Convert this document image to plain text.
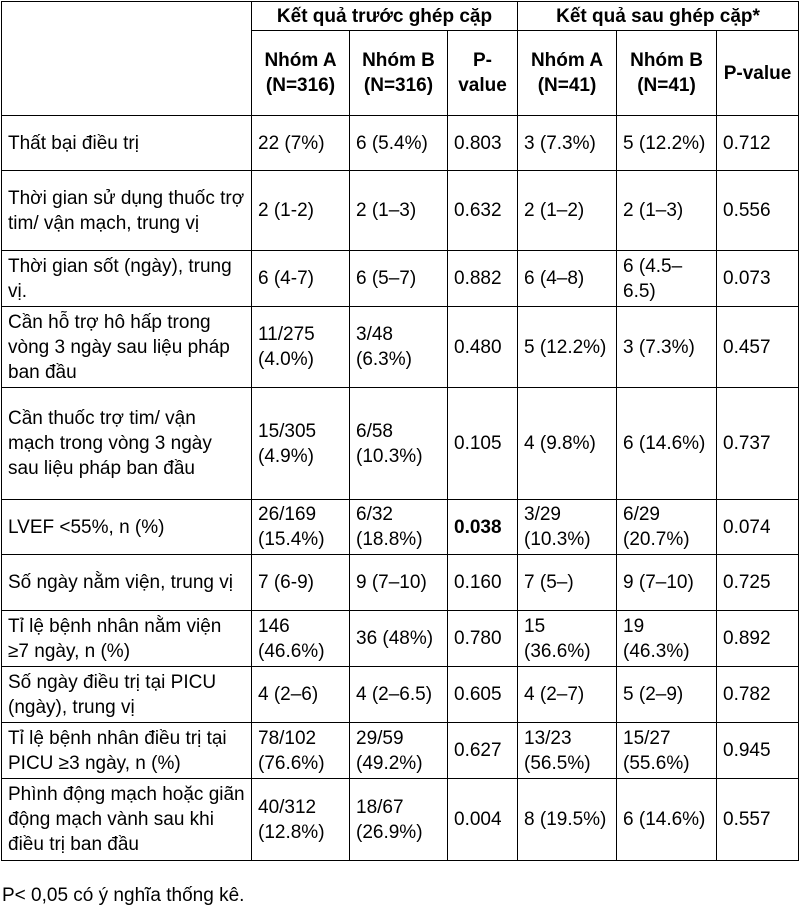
	Kết quả trước ghép cặp			Kết quả sau ghép cặp*		
	Nhóm A (N=316)	Nhóm B (N=316)	P-value	Nhóm A (N=41)	Nhóm B (N=41)	P-value
Thất bại điều trị	22 (7%)	6 (5.4%)	0.803	3 (7.3%)	5 (12.2%)	0.712
Thời gian sử dụng thuốc trợ tim/ vận mạch, trung vị	2 (1-2)	2 (1–3)	0.632	2 (1–2)	2 (1–3)	0.556
Thời gian sốt (ngày), trung vị.	6 (4-7)	6 (5–7)	0.882	6 (4–8)	6 (4.5–6.5)	0.073
Cần hỗ trợ hô hấp trong vòng 3 ngày sau liệu pháp ban đầu	11/275 (4.0%)	3/48 (6.3%)	0.480	5 (12.2%)	3 (7.3%)	0.457
Cần thuốc trợ tim/ vận mạch trong vòng 3 ngày sau liệu pháp ban đầu	15/305 (4.9%)	6/58 (10.3%)	0.105	4 (9.8%)	6 (14.6%)	0.737
LVEF <55%, n (%)	26/169 (15.4%)	6/32 (18.8%)	0.038	3/29 (10.3%)	6/29 (20.7%)	0.074
Số ngày nằm viện, trung vị	7 (6-9)	9 (7–10)	0.160	7 (5–)	9 (7–10)	0.725
Tỉ lệ bệnh nhân nằm viện ≥7 ngày, n (%)	146 (46.6%)	36 (48%)	0.780	15 (36.6%)	19 (46.3%)	0.892
Số ngày điều trị tại PICU (ngày), trung vị	4 (2–6)	4 (2–6.5)	0.605	4 (2–7)	5 (2–9)	0.782
Tỉ lệ bệnh nhân điều trị tại PICU ≥3 ngày, n (%)	78/102 (76.6%)	29/59 (49.2%)	0.627	13/23 (56.5%)	15/27 (55.6%)	0.945
Phình động mạch hoặc giãn động mạch vành sau khi điều trị ban đầu	40/312 (12.8%)	18/67 (26.9%)	0.004	8 (19.5%)	6 (14.6%)	0.557
P< 0,05 có ý nghĩa thống kê.
